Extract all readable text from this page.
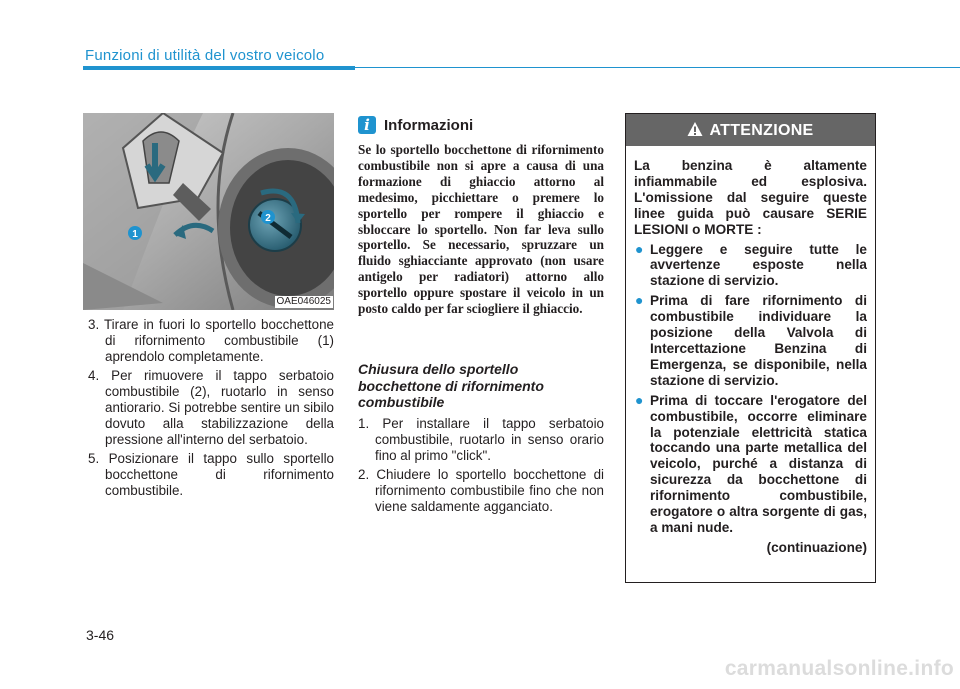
Funzioni di utilità del vostro veicolo
1
2
OAE046025
3. Tirare in fuori lo sportello bocchettone di rifornimento combustibile (1) aprendolo completamente.
4. Per rimuovere il tappo serbatoio combustibile (2), ruotarlo in senso antiorario. Si potrebbe sentire un sibilo dovuto alla stabilizzazione della pressione all'interno del serbatoio.
5. Posizionare il tappo sullo sportello bocchettone di rifornimento combustibile.
i Informazioni
Se lo sportello bocchettone di rifornimento combustibile non si apre a causa di una formazione di ghiaccio attorno al medesimo, picchiettare o premere lo sportello per rompere il ghiaccio e sbloccare lo sportello. Non far leva sullo sportello. Se necessario, spruzzare un fluido sghiacciante approvato (non usare antigelo per radiatori) attorno allo sportello oppure spostare il veicolo in un posto caldo per far sciogliere il ghiaccio.
Chiusura dello sportello bocchettone di rifornimento combustibile
1. Per installare il tappo serbatoio combustibile, ruotarlo in senso orario fino al primo "click".
2. Chiudere lo sportello bocchettone di rifornimento combustibile fino che non viene saldamente agganciato.
ATTENZIONE
La benzina è altamente infiammabile ed esplosiva. L'omissione dal seguire queste linee guida può causare SERIE LESIONI o MORTE :
● Leggere e seguire tutte le avvertenze esposte nella stazione di servizio.
● Prima di fare rifornimento di combustibile individuare la posizione della Valvola di Intercettazione Benzina di Emergenza, se disponibile, nella stazione di servizio.
● Prima di toccare l'erogatore del combustibile, occorre eliminare la potenziale elettricità statica toccando una parte metallica del veicolo, purché a distanza di sicurezza da bocchettone di rifornimento combustibile, erogatore o altra sorgente di gas, a mani nude.
(continuazione)
3-46
carmanualsonline.info
